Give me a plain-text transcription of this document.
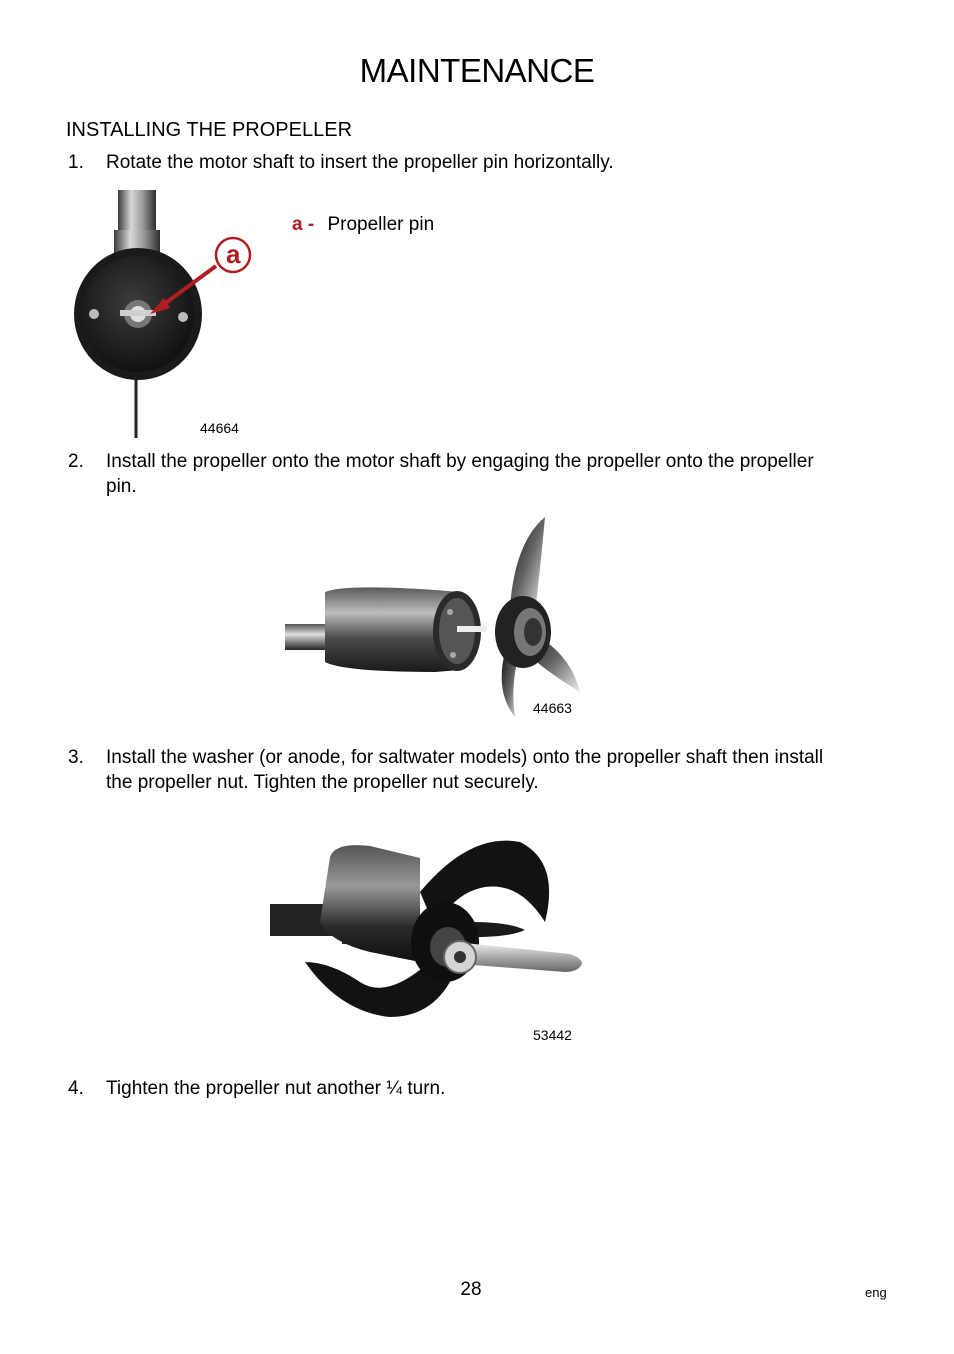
MAINTENANCE
INSTALLING THE PROPELLER
1. Rotate the motor shaft to insert the propeller pin horizontally.
a
44664
a - Propeller pin
2. Install the propeller onto the motor shaft by engaging the propeller onto the propeller pin.
44663
3. Install the washer (or anode, for saltwater models) onto the propeller shaft then install the propeller nut. Tighten the propeller nut securely.
53442
4. Tighten the propeller nut another ¼ turn.
28	eng
